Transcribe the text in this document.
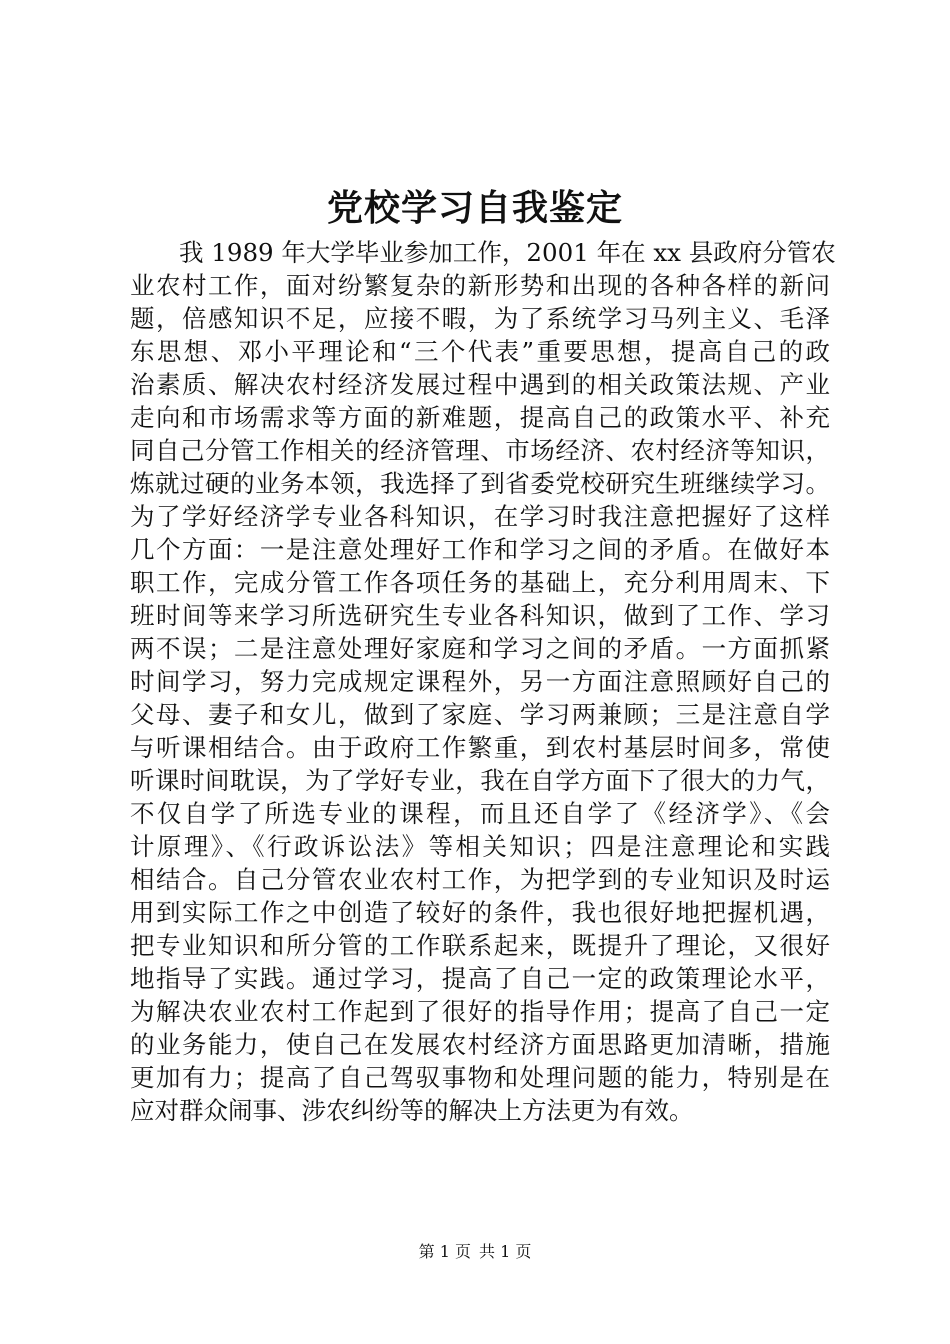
党校学习自我鉴定
我 1989 年大学毕业参加工作，2001 年在 xx 县政府分管农
业农村工作，面对纷繁复杂的新形势和出现的各种各样的新问
题，倍感知识不足，应接不暇，为了系统学习马列主义、毛泽
东思想、邓小平理论和“三个代表”重要思想，提高自己的政
治素质、解决农村经济发展过程中遇到的相关政策法规、产业
走向和市场需求等方面的新难题，提高自己的政策水平、补充
同自己分管工作相关的经济管理、市场经济、农村经济等知识，
炼就过硬的业务本领，我选择了到省委党校研究生班继续学习。
为了学好经济学专业各科知识，在学习时我注意把握好了这样
几个方面：一是注意处理好工作和学习之间的矛盾。在做好本
职工作，完成分管工作各项任务的基础上，充分利用周末、下
班时间等来学习所选研究生专业各科知识，做到了工作、学习
两不误；二是注意处理好家庭和学习之间的矛盾。一方面抓紧
时间学习，努力完成规定课程外，另一方面注意照顾好自己的
父母、妻子和女儿，做到了家庭、学习两兼顾；三是注意自学
与听课相结合。由于政府工作繁重，到农村基层时间多，常使
听课时间耽误，为了学好专业，我在自学方面下了很大的力气，
不仅自学了所选专业的课程，而且还自学了《经济学》、《会
计原理》、《行政诉讼法》等相关知识；四是注意理论和实践
相结合。自己分管农业农村工作，为把学到的专业知识及时运
用到实际工作之中创造了较好的条件，我也很好地把握机遇，
把专业知识和所分管的工作联系起来，既提升了理论，又很好
地指导了实践。通过学习，提高了自己一定的政策理论水平，
为解决农业农村工作起到了很好的指导作用；提高了自己一定
的业务能力，使自己在发展农村经济方面思路更加清晰，措施
更加有力；提高了自己驾驭事物和处理问题的能力，特别是在
应对群众闹事、涉农纠纷等的解决上方法更为有效。
第 1 页 共 1 页
